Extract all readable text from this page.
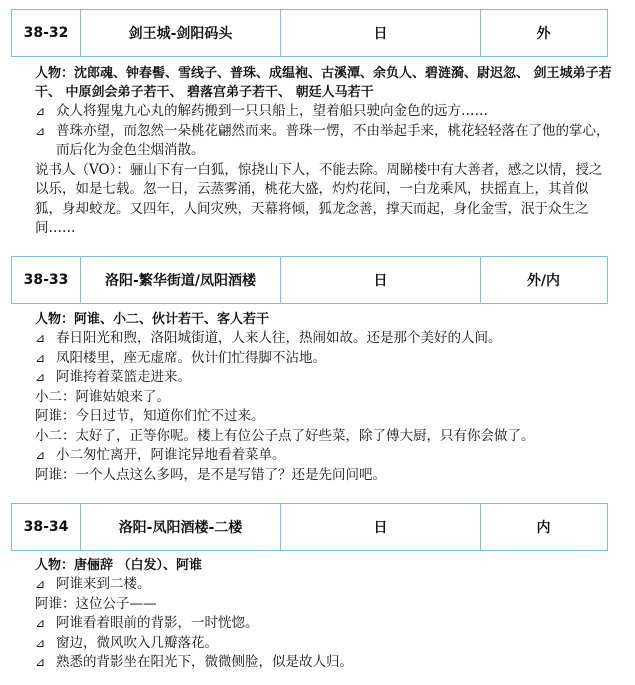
38-32	剑王城-剑阳码头	日	外
人物：沈郎魂、钟春髻、雪线子、普珠、成缊袍、古溪潭、余负人、碧涟漪、尉迟忽、 剑王城弟子若干、 中原剑会弟子若干、 碧落宫弟子若干、 朝廷人马若干
⊿ 众人将猩鬼九心丸的解药搬到一只只船上，望着船只驶向金色的远方……
⊿ 普珠亦望，而忽然一朵桃花翩然而来。普珠一愣，不由举起手来，桃花轻轻落在了他的掌心，而后化为金色尘烟消散。
说书人（VO）：骊山下有一白狐，惊挠山下人，不能去除。周睇楼中有大善者，感之以情，授之以乐，如是七载。忽一日，云蒸雾涌，桃花大盛，灼灼花间，一白龙乘风，扶摇直上，其首似狐，身却蛟龙。又四年，人间灾殃，天幕将倾，狐龙念善，撑天而起，身化金雪，泯于众生之间……
38-33	洛阳-繁华街道/凤阳酒楼	日	外/内
人物：阿谁、小二、伙计若干、客人若干
⊿ 春日阳光和煦，洛阳城街道，人来人往，热闹如故。还是那个美好的人间。
⊿ 凤阳楼里，座无虚席。伙计们忙得脚不沾地。
⊿ 阿谁挎着菜篮走进来。
小二：阿谁姑娘来了。
阿谁：今日过节，知道你们忙不过来。
小二：太好了，正等你呢。楼上有位公子点了好些菜，除了傅大厨，只有你会做了。
⊿ 小二匆忙离开，阿谁诧异地看着菜单。
阿谁：一个人点这么多吗，是不是写错了？还是先问问吧。
38-34	洛阳-凤阳酒楼-二楼	日	内
人物：唐俪辞 （白发）、阿谁
⊿ 阿谁来到二楼。
阿谁：这位公子——
⊿ 阿谁看着眼前的背影，一时恍惚。
⊿ 窗边，微风吹入几瓣落花。
⊿ 熟悉的背影坐在阳光下，微微侧脸，似是故人归。
